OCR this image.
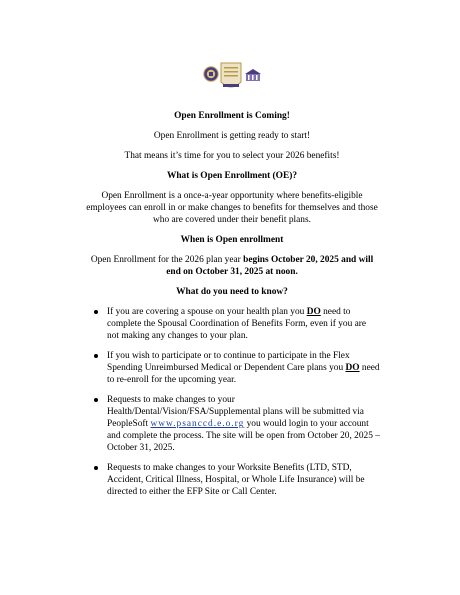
Open Enrollment is Coming!

Open Enrollment is getting ready to start!

That means it’s time for you to select your 2026 benefits!

What is Open Enrollment (OE)?

Open Enrollment is a once-a-year opportunity where benefits-eligible employees can enroll in or make changes to benefits for themselves and those who are covered under their benefit plans.

When is Open enrollment

Open Enrollment for the 2026 plan year begins October 20, 2025 and will end on October 31, 2025 at noon.

What do you need to know?

If you are covering a spouse on your health plan you DO need to complete the Spousal Coordination of Benefits Form, even if you are not making any changes to your plan.
If you wish to participate or to continue to participate in the Flex Spending Unreimbursed Medical or Dependent Care plans you DO need to re-enroll for the upcoming year.
Requests to make changes to your Health/Dental/Vision/FSA/Supplemental plans will be submitted via PeopleSoft www.psanccd.e.o.rg you would login to your account and complete the process. The site will be open from October 20, 2025 – October 31, 2025.
Requests to make changes to your Worksite Benefits (LTD, STD, Accident, Critical Illness, Hospital, or Whole Life Insurance) will be directed to either the EFP Site or Call Center.
